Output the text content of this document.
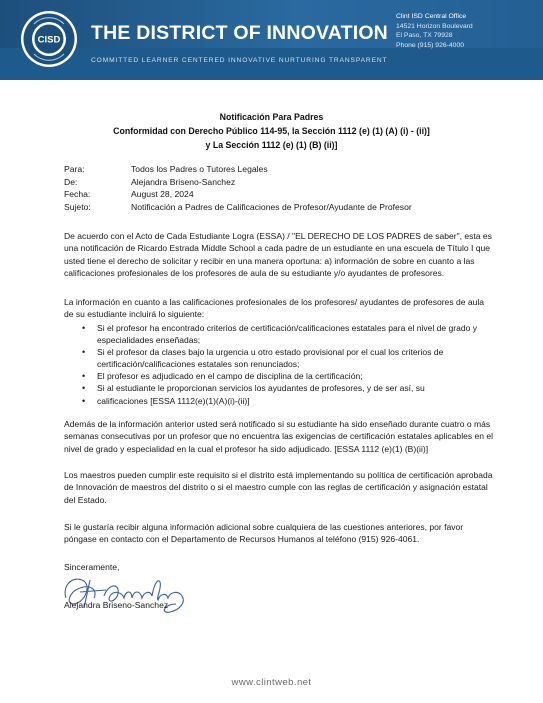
CISD THE DISTRICT OF INNOVATION
COMMITTED LEARNER CENTERED INNOVATIVE NURTURING TRANSPARENT
Clint ISD Central Office
14521 Horizon Boulevard
El Paso, TX 79928
Phone (915) 926-4000
Notificación Para Padres
Conformidad con Derecho Público 114-95, la Sección 1112 (e) (1) (A) (i) - (ii)]
y La Sección 1112 (e) (1) (B) (ii)]
Para:	Todos los Padres o Tutores Legales
De:	Alejandra Briseno-Sanchez
Fecha:	August 28, 2024
Sujeto:	Notificación a Padres de Calificaciones de Profesor/Ayudante de Profesor
De acuerdo con el Acto de Cada Estudiante Logra (ESSA) / "EL DERECHO DE LOS PADRES de saber", esta es una notificación de Ricardo Estrada Middle School a cada padre de un estudiante en una escuela de Título I que usted tiene el derecho de solicitar y recibir en una manera oportuna: a) información de sobre en cuanto a las calificaciones profesionales de los profesores de aula de su estudiante y/o ayudantes de profesores.
La información en cuanto a las calificaciones profesionales de los profesores/ ayudantes de profesores de aula de su estudiante incluirá lo siguiente:
• Si el profesor ha encontrado criterios de certificación/calificaciones estatales para el nivel de grado y especialidades enseñadas;
• Si el profesor da clases bajo la urgencia u otro estado provisional por el cual los criterios de certificación/calificaciones estatales son renunciados;
• El profesor es adjudicado en el campo de disciplina de la certificación;
• Si al estudiante le proporcionan servicios los ayudantes de profesores, y de ser así, su
• calificaciones [ESSA 1112(e)(1)(A)(i)-(ii)]
Además de la información anterior usted será notificado si su estudiante ha sido enseñado durante cuatro o más semanas consecutivas por un profesor que no encuentra las exigencias de certificación estatales aplicables en el nivel de grado y especialidad en la cual el profesor ha sido adjudicado. [ESSA 1112 (e)(1) (B)(ii)]
Los maestros pueden cumplir este requisito si el distrito está implementando su política de certificación aprobada de Innovación de maestros del distrito o si el maestro cumple con las reglas de certificación y asignación estatal del Estado.
Si le gustaría recibir alguna información adicional sobre cualquiera de las cuestiones anteriores, por favor póngase en contacto con el Departamento de Recursos Humanos al teléfono (915) 926-4061.
Sinceramente,
Alejandra Briseno-Sanchez
www.clintweb.net
